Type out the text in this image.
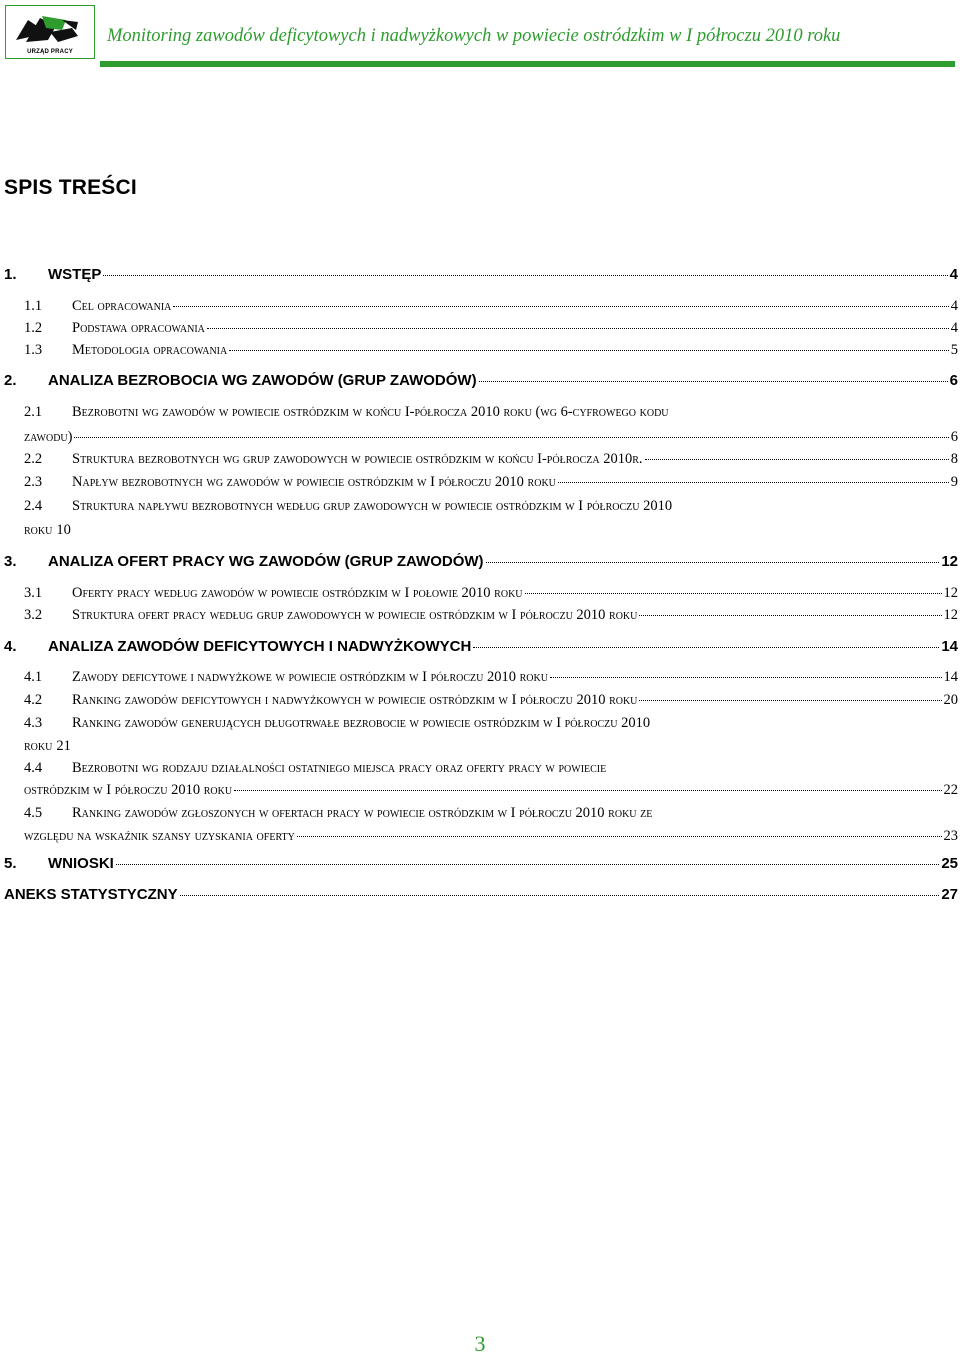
URZĄD PRACY
Monitoring zawodów deficytowych i nadwyżkowych w powiecie ostródzkim w I półroczu 2010 roku
SPIS TREŚCI
1. WSTĘP	4
1.1 Cel opracowania	4
1.2 Podstawa opracowania	4
1.3 Metodologia opracowania	5
2. ANALIZA BEZROBOCIA WG ZAWODÓW (GRUP ZAWODÓW)	6
2.1 Bezrobotni wg zawodów w powiecie ostródzkim w końcu I-półrocza 2010 roku (wg 6-cyfrowego kodu
zawodu)	6
2.2 Struktura bezrobotnych wg grup zawodowych w powiecie ostródzkim w końcu I-półrocza 2010r.	8
2.3 Napływ bezrobotnych wg zawodów w powiecie ostródzkim w I półroczu 2010 roku	9
2.4 Struktura napływu bezrobotnych według grup zawodowych w powiecie ostródzkim w I półroczu 2010
roku 10
3. ANALIZA OFERT PRACY WG ZAWODÓW (GRUP ZAWODÓW)	12
3.1 Oferty pracy według zawodów w powiecie ostródzkim w I połowie 2010 roku	12
3.2 Struktura ofert pracy według grup zawodowych w powiecie ostródzkim w I półroczu 2010 roku	12
4. ANALIZA ZAWODÓW DEFICYTOWYCH I NADWYŻKOWYCH	14
4.1 Zawody deficytowe i nadwyżkowe w powiecie ostródzkim w I półroczu 2010 roku	14
4.2 Ranking zawodów deficytowych i nadwyżkowych w powiecie ostródzkim w I półroczu 2010 roku	20
4.3 Ranking zawodów generujących długotrwałe bezrobocie w powiecie ostródzkim w I półroczu 2010
roku 21
4.4 Bezrobotni wg rodzaju działalności ostatniego miejsca pracy oraz oferty pracy w powiecie
ostródzkim w I półroczu 2010 roku	22
4.5 Ranking zawodów zgłoszonych w ofertach pracy w powiecie ostródzkim w I półroczu 2010 roku ze
względu na wskaźnik szansy uzyskania oferty	23
5. WNIOSKI	25
ANEKS STATYSTYCZNY	27
3
